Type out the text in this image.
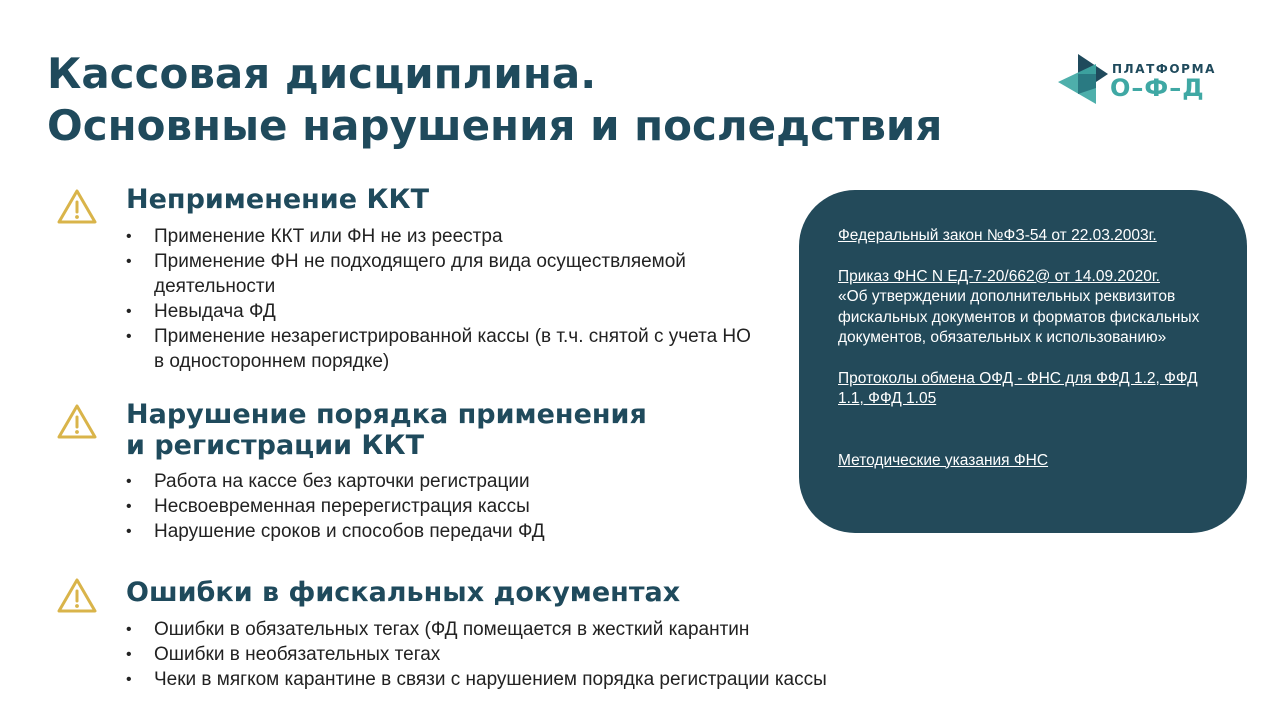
Кассовая дисциплина.
Основные нарушения и последствия
ПЛАТФОРМА
О–Ф–Д
Неприменение ККТ
• Применение ККТ или ФН не из реестра
• Применение ФН не подходящего для вида осуществляемой деятельности
• Невыдача ФД
• Применение незарегистрированной кассы (в т.ч. снятой с учета НО в одностороннем порядке)
Нарушение порядка применения
и регистрации ККТ
• Работа на кассе без карточки регистрации
• Несвоевременная перерегистрация кассы
• Нарушение сроков и способов передачи ФД
Ошибки в фискальных документах
• Ошибки в обязательных тегах (ФД помещается в жесткий карантин
• Ошибки в необязательных тегах
• Чеки в мягком карантине в связи с нарушением порядка регистрации кассы

Федеральный закон №ФЗ-54 от 22.03.2003г.

Приказ ФНС N ЕД-7-20/662@ от 14.09.2020г.

«Об утверждении дополнительных реквизитов фискальных документов и форматов фискальных документов, обязательных к использованию»

Протоколы обмена ОФД - ФНС для ФФД 1.2, ФФД 1.1, ФФД 1.05

Методические указания ФНС
